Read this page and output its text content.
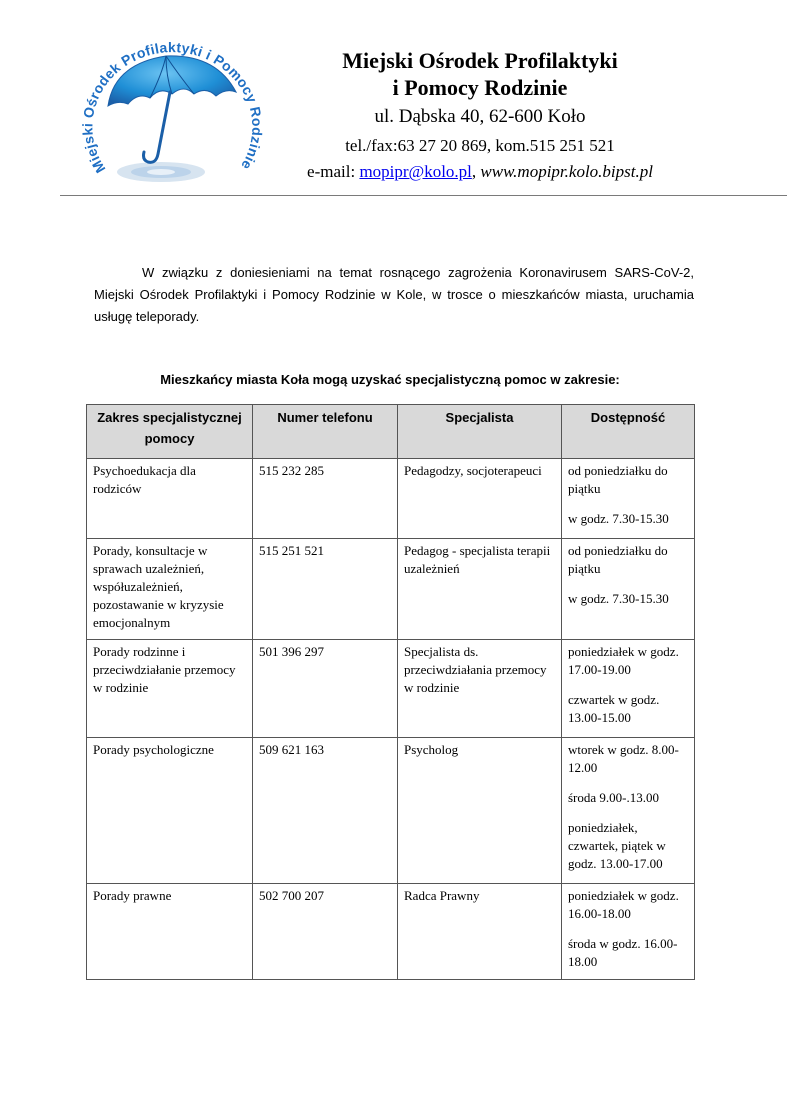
Miejski Ośrodek Profilaktyki i Pomocy Rodzinie
Miejski Ośrodek Profilaktyki
i Pomocy Rodzinie
ul. Dąbska 40, 62-600 Koło
tel./fax:63 27 20 869, kom.515 251 521
e-mail: mopipr@kolo.pl, www.mopipr.kolo.bipst.pl

W związku z doniesieniami na temat rosnącego zagrożenia Koronavirusem SARS-CoV-2, Miejski Ośrodek Profilaktyki i Pomocy Rodzinie w Kole, w trosce o mieszkańców miasta, uruchamia usługę teleporady.

Mieszkańcy miasta Koła mogą uzyskać specjalistyczną pomoc w zakresie:

Zakres specjalistycznej pomocy	Numer telefonu	Specjalista	Dostępność
Psychoedukacja dla rodziców	515 232 285	Pedagodzy, socjoterapeuci	od poniedziałku do piątku

w godz. 7.30-15.30

Porady, konsultacje w sprawach uzależnień, współuzależnień, pozostawanie w kryzysie emocjonalnym	515 251 521	Pedagog - specjalista terapii uzależnień	od poniedziałku do piątku

w godz. 7.30-15.30

Porady rodzinne i przeciwdziałanie przemocy w rodzinie	501 396 297	Specjalista ds. przeciwdziałania przemocy w rodzinie	poniedziałek w godz. 17.00-19.00

czwartek w godz. 13.00-15.00

Porady psychologiczne	509 621 163	Psycholog	wtorek w godz. 8.00-12.00

środa 9.00-.13.00

poniedziałek, czwartek, piątek w godz. 13.00-17.00

Porady prawne	502 700 207	Radca Prawny	poniedziałek w godz. 16.00-18.00

środa w godz. 16.00-18.00
